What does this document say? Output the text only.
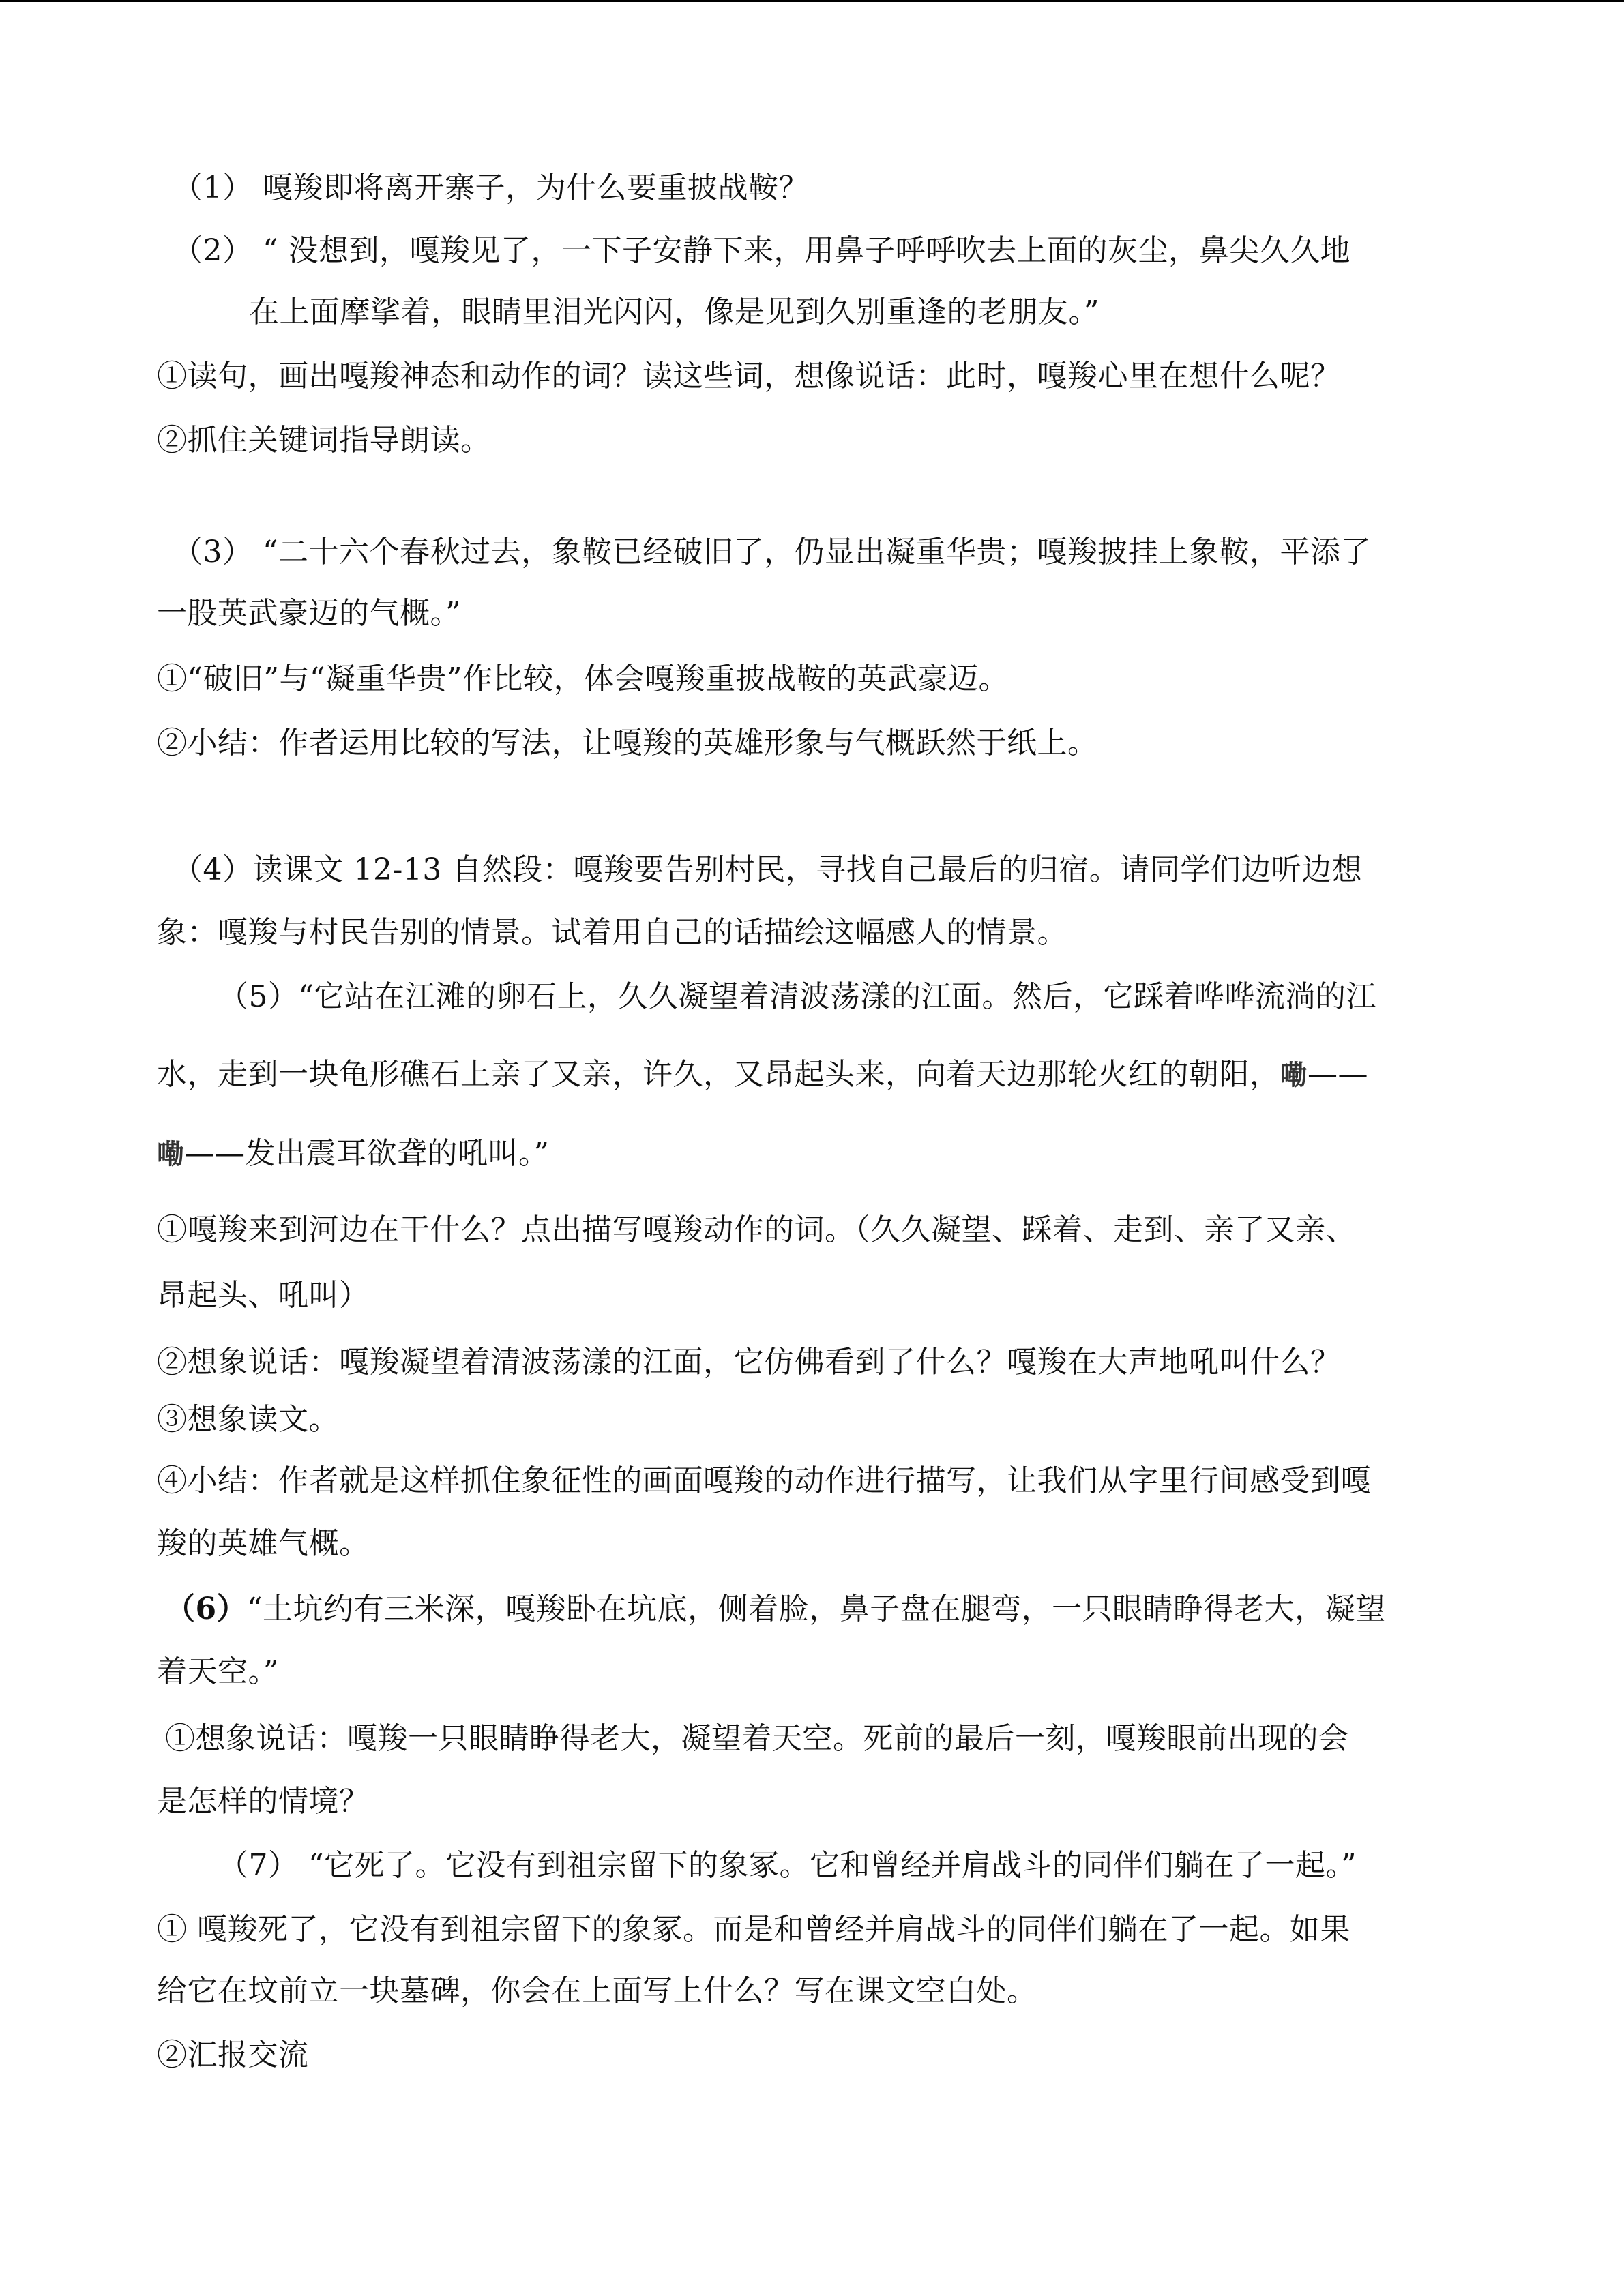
（1） 嘎羧即将离开寨子，为什么要重披战鞍？
（2） “ 没想到，嘎羧见了，一下子安静下来，用鼻子呼呼吹去上面的灰尘，鼻尖久久地
在上面摩挲着，眼睛里泪光闪闪，像是见到久别重逢的老朋友。”
①读句，画出嘎羧神态和动作的词？读这些词，想像说话：此时，嘎羧心里在想什么呢？
②抓住关键词指导朗读。
（3） “二十六个春秋过去，象鞍已经破旧了，仍显出凝重华贵；嘎羧披挂上象鞍，平添了
一股英武豪迈的气概。”
①“破旧”与“凝重华贵”作比较，体会嘎羧重披战鞍的英武豪迈。
②小结：作者运用比较的写法，让嘎羧的英雄形象与气概跃然于纸上。
（4）读课文 12-13 自然段：嘎羧要告别村民，寻找自己最后的归宿。请同学们边听边想
象：嘎羧与村民告别的情景。试着用自己的话描绘这幅感人的情景。
（5）“它站在江滩的卵石上，久久凝望着清波荡漾的江面。然后，它踩着哗哗流淌的江
水，走到一块龟形礁石上亲了又亲，许久，又昂起头来，向着天边那轮火红的朝阳，嘞——
嘞——发出震耳欲聋的吼叫。”
①嘎羧来到河边在干什么？点出描写嘎羧动作的词。（久久凝望、踩着、走到、亲了又亲、
昂起头、吼叫）
②想象说话：嘎羧凝望着清波荡漾的江面，它仿佛看到了什么？嘎羧在大声地吼叫什么？
③想象读文。
④小结：作者就是这样抓住象征性的画面嘎羧的动作进行描写，让我们从字里行间感受到嘎
羧的英雄气概。
（6）“土坑约有三米深，嘎羧卧在坑底，侧着脸，鼻子盘在腿弯，一只眼睛睁得老大，凝望
着天空。”
①想象说话：嘎羧一只眼睛睁得老大，凝望着天空。死前的最后一刻，嘎羧眼前出现的会
是怎样的情境？
（7） “它死了。它没有到祖宗留下的象冢。它和曾经并肩战斗的同伴们躺在了一起。”
① 嘎羧死了，它没有到祖宗留下的象冢。而是和曾经并肩战斗的同伴们躺在了一起。如果
给它在坟前立一块墓碑，你会在上面写上什么？写在课文空白处。
②汇报交流
